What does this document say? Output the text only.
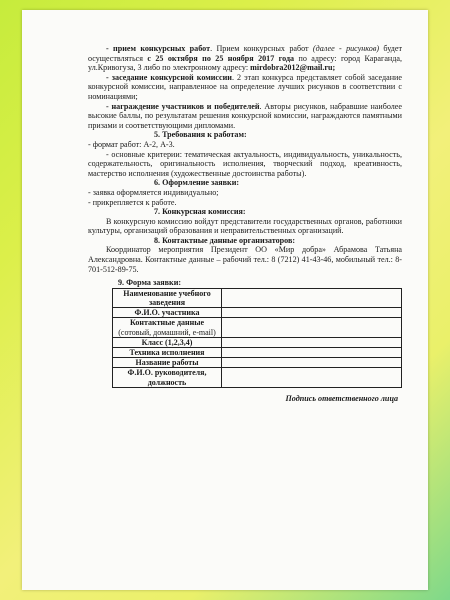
- прием конкурсных работ. Прием конкурсных работ (далее - рисунков) будет осуществляться с 25 октября по 25 ноября 2017 года по адресу: город Караганда, ул.Кривогуза, 3 либо по электронному адресу: mirdobra2012@mail.ru;

- заседание конкурсной комиссии. 2 этап конкурса представляет собой заседание конкурсной комиссии, направленное на определение лучших рисунков в соответствии с номинациями;

- награждение участников и победителей. Авторы рисунков, набравшие наиболее высокие баллы, по результатам решения конкурсной комиссии, награждаются памятными призами и соответствующими дипломами.

5. Требования к работам:

- формат работ: А-2, А-3.

- основные критерии: тематическая актуальность, индивидуальность, уникальность, содержательность, оригинальность исполнения, творческий подход, креативность, мастерство исполнения (художественные достоинства работы).

6. Оформление заявки:

- заявка оформляется индивидуально;

- прикрепляется к работе.

7. Конкурсная комиссия:

В конкурсную комиссию войдут представители государственных органов, работники культуры, организаций образования и неправительственных организаций.

8. Контактные данные организаторов:

Координатор мероприятия Президент ОО «Мир добра» Абрамова Татьяна Александровна. Контактные данные – рабочий тел.: 8 (7212) 41-43-46, мобильный тел.: 8-701-512-89-75.

9. Форма заявки:
Наименование учебного заведения	
Ф.И.О. участника	
Контактные данные
(сотовый, домашний, e-mail)	
Класс (1,2,3,4)	
Техника исполнения	
Название работы	
Ф.И.О. руководителя, должность	
Подпись ответственного лица
